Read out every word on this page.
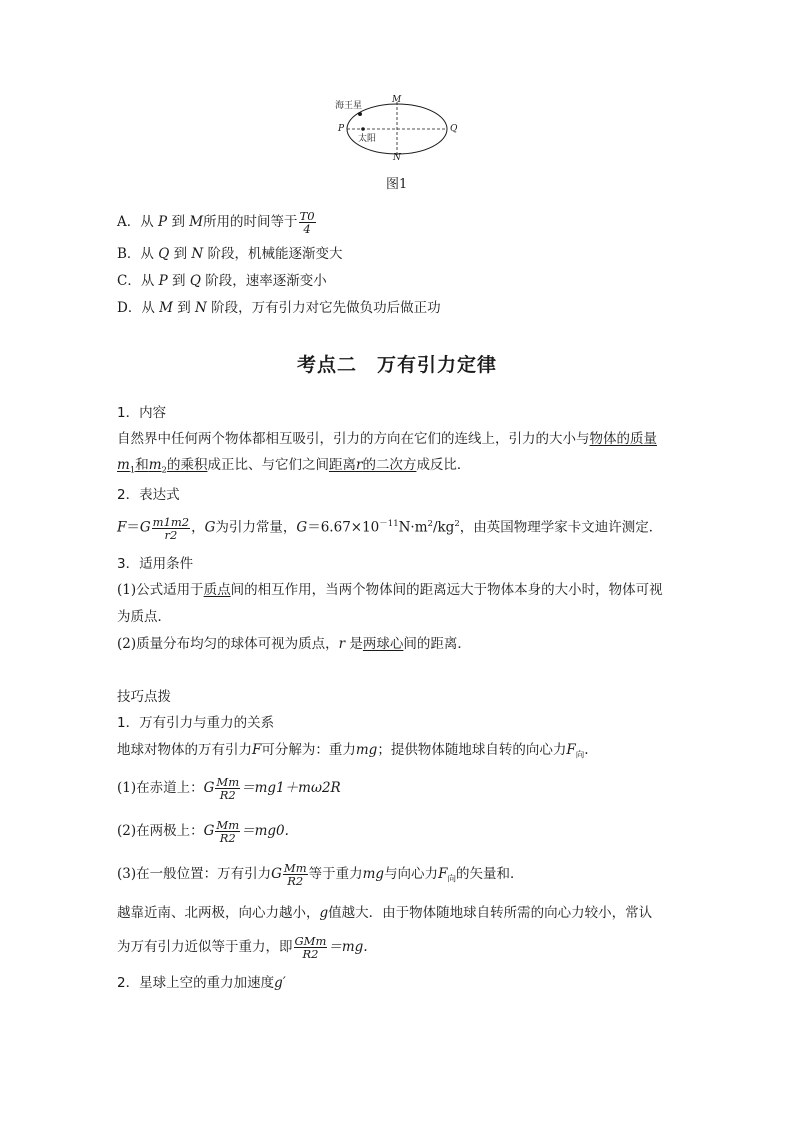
海王星
M
P	Q
太阳
N
图1
A．从 P 到 M所用的时间等于 $\frac{T0}{4}$
B．从 Q 到 N 阶段，机械能逐渐变大
C．从 P 到 Q 阶段，速率逐渐变小
D．从 M 到 N 阶段，万有引力对它先做负功后做正功
考点二　万有引力定律
1．内容
自然界中任何两个物体都相互吸引，引力的方向在它们的连线上，引力的大小与物体的质量
$m_1$和$m_2$的乘积成正比、与它们之间距离r的二次方成反比．
2．表达式
$F=G \frac{m1m2}{r2}$ ，G为引力常量，$G=6.67\times 10^{-11}N\cdot m^2/kg^2$，由英国物理学家卡文迪许测定．
3．适用条件
(1)公式适用于质点间的相互作用，当两个物体间的距离远大于物体本身的大小时，物体可视
为质点．
(2)质量分布均匀的球体可视为质点，r 是两球心间的距离．
技巧点拨
1．万有引力与重力的关系
地球对物体的万有引力F可分解为：重力mg；提供物体随地球自转的向心力$F_向$.
(1)在赤道上：G $\frac{Mm}{R2} =mg1+m\omega 2R$
(2)在两极上：G $\frac{Mm}{R2} =mg0$.
(3)在一般位置：万有引力G $\frac{Mm}{R2}$ 等于重力mg与向心力$F_向$的矢量和．
越靠近南、北两极，向心力越小，g值越大．由于物体随地球自转所需的向心力较小，常认
为万有引力近似等于重力，即 $\frac{\text{GMm}}{R2} =mg$.
2．星球上空的重力加速度g′
